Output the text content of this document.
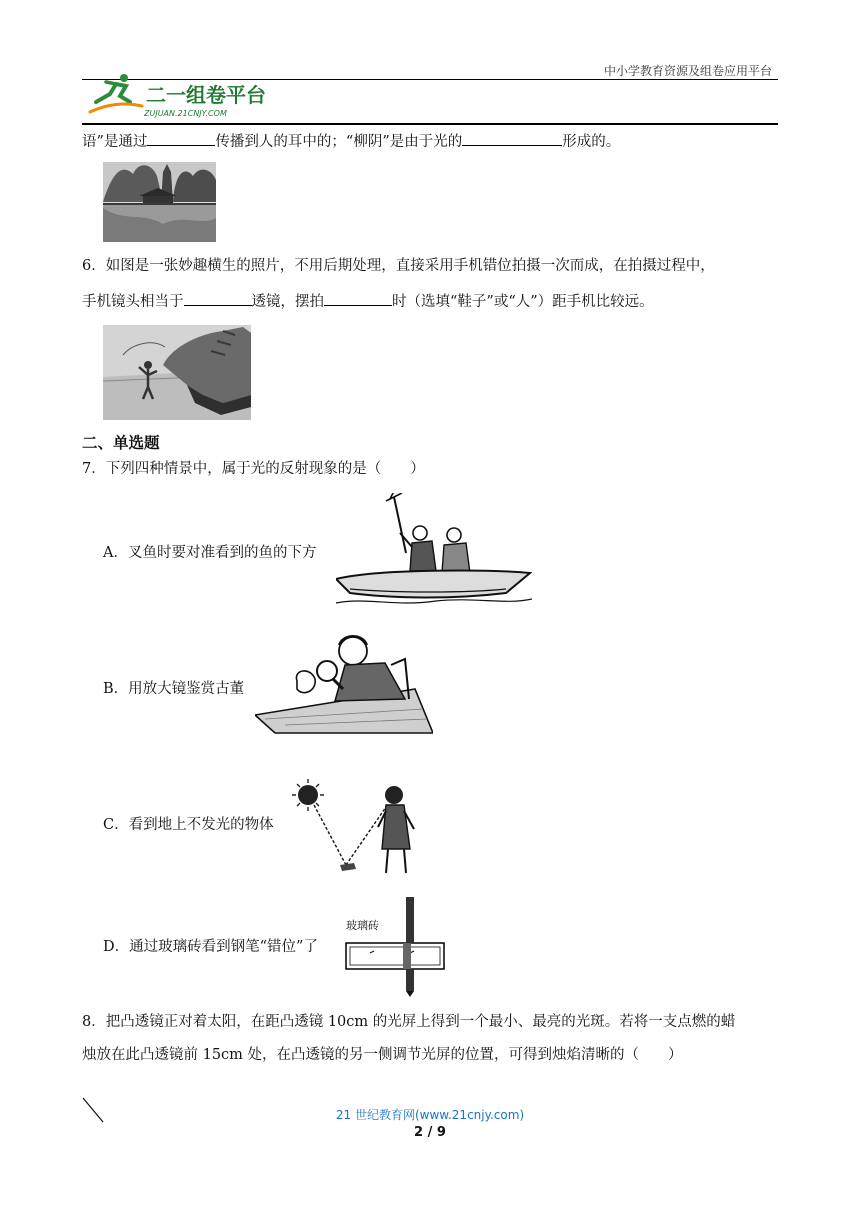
中小学教育资源及组卷应用平台
二一组卷平台
ZUJUAN.21CNJY.COM
语”是通过	传播到人的耳中的；“柳阴”是由于光的	形成的。
6．如图是一张妙趣横生的照片，不用后期处理，直接采用手机错位拍摄一次而成，在拍摄过程中，
手机镜头相当于	透镜，摆拍	时（选填“鞋子”或“人”）距手机比较远。
二、单选题
7．下列四种情景中，属于光的反射现象的是（　　）
A．叉鱼时要对准看到的鱼的下方
B．用放大镜鉴赏古董
C．看到地上不发光的物体
D．通过玻璃砖看到钢笔“错位”了
玻璃砖
8．把凸透镜正对着太阳，在距凸透镜 10cm 的光屏上得到一个最小、最亮的光斑。若将一支点燃的蜡
烛放在此凸透镜前 15cm 处，在凸透镜的另一侧调节光屏的位置，可得到烛焰清晰的（　　）
21 世纪教育网(www.21cnjy.com)
2 / 9
